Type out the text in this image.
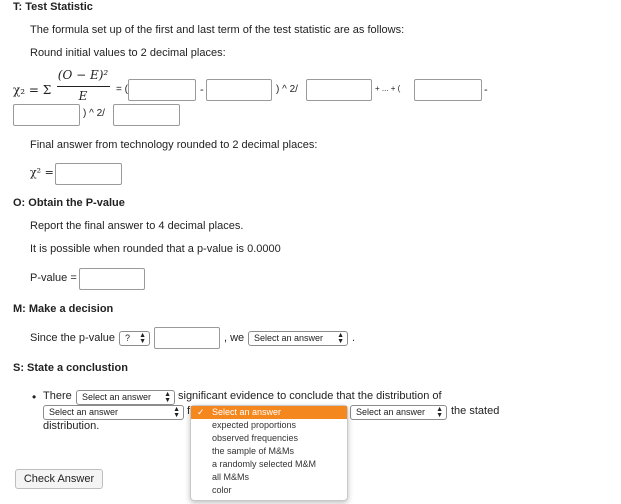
T: Test Statistic
The formula set up of the first and last term of the test statistic are as follows:
Round initial values to 2 decimal places:
χ₂ = Σ
(O − E)²
E	= (	-	) ^ 2/	+ ... + (	-
) ^ 2/
Final answer from technology rounded to 2 decimal places:
χ² =
O: Obtain the P-value
Report the final answer to 4 decimal places.
It is possible when rounded that a p-value is 0.0000
P-value =
M: Make a decision
Since the p-value	? ▲
▼	, we	Select an answer ▲
▼ .
S: State a conclustion
• There	Select an answer ▲
▼ significant evidence to conclude that the distribution of
Select an answer	▲
▼ f	Select an answer ▲
▼ the stated
distribution.
✓ Select an answer
expected proportions
observed frequencies
the sample of M&Ms
a randomly selected M&M
all M&Ms
color
Check Answer
